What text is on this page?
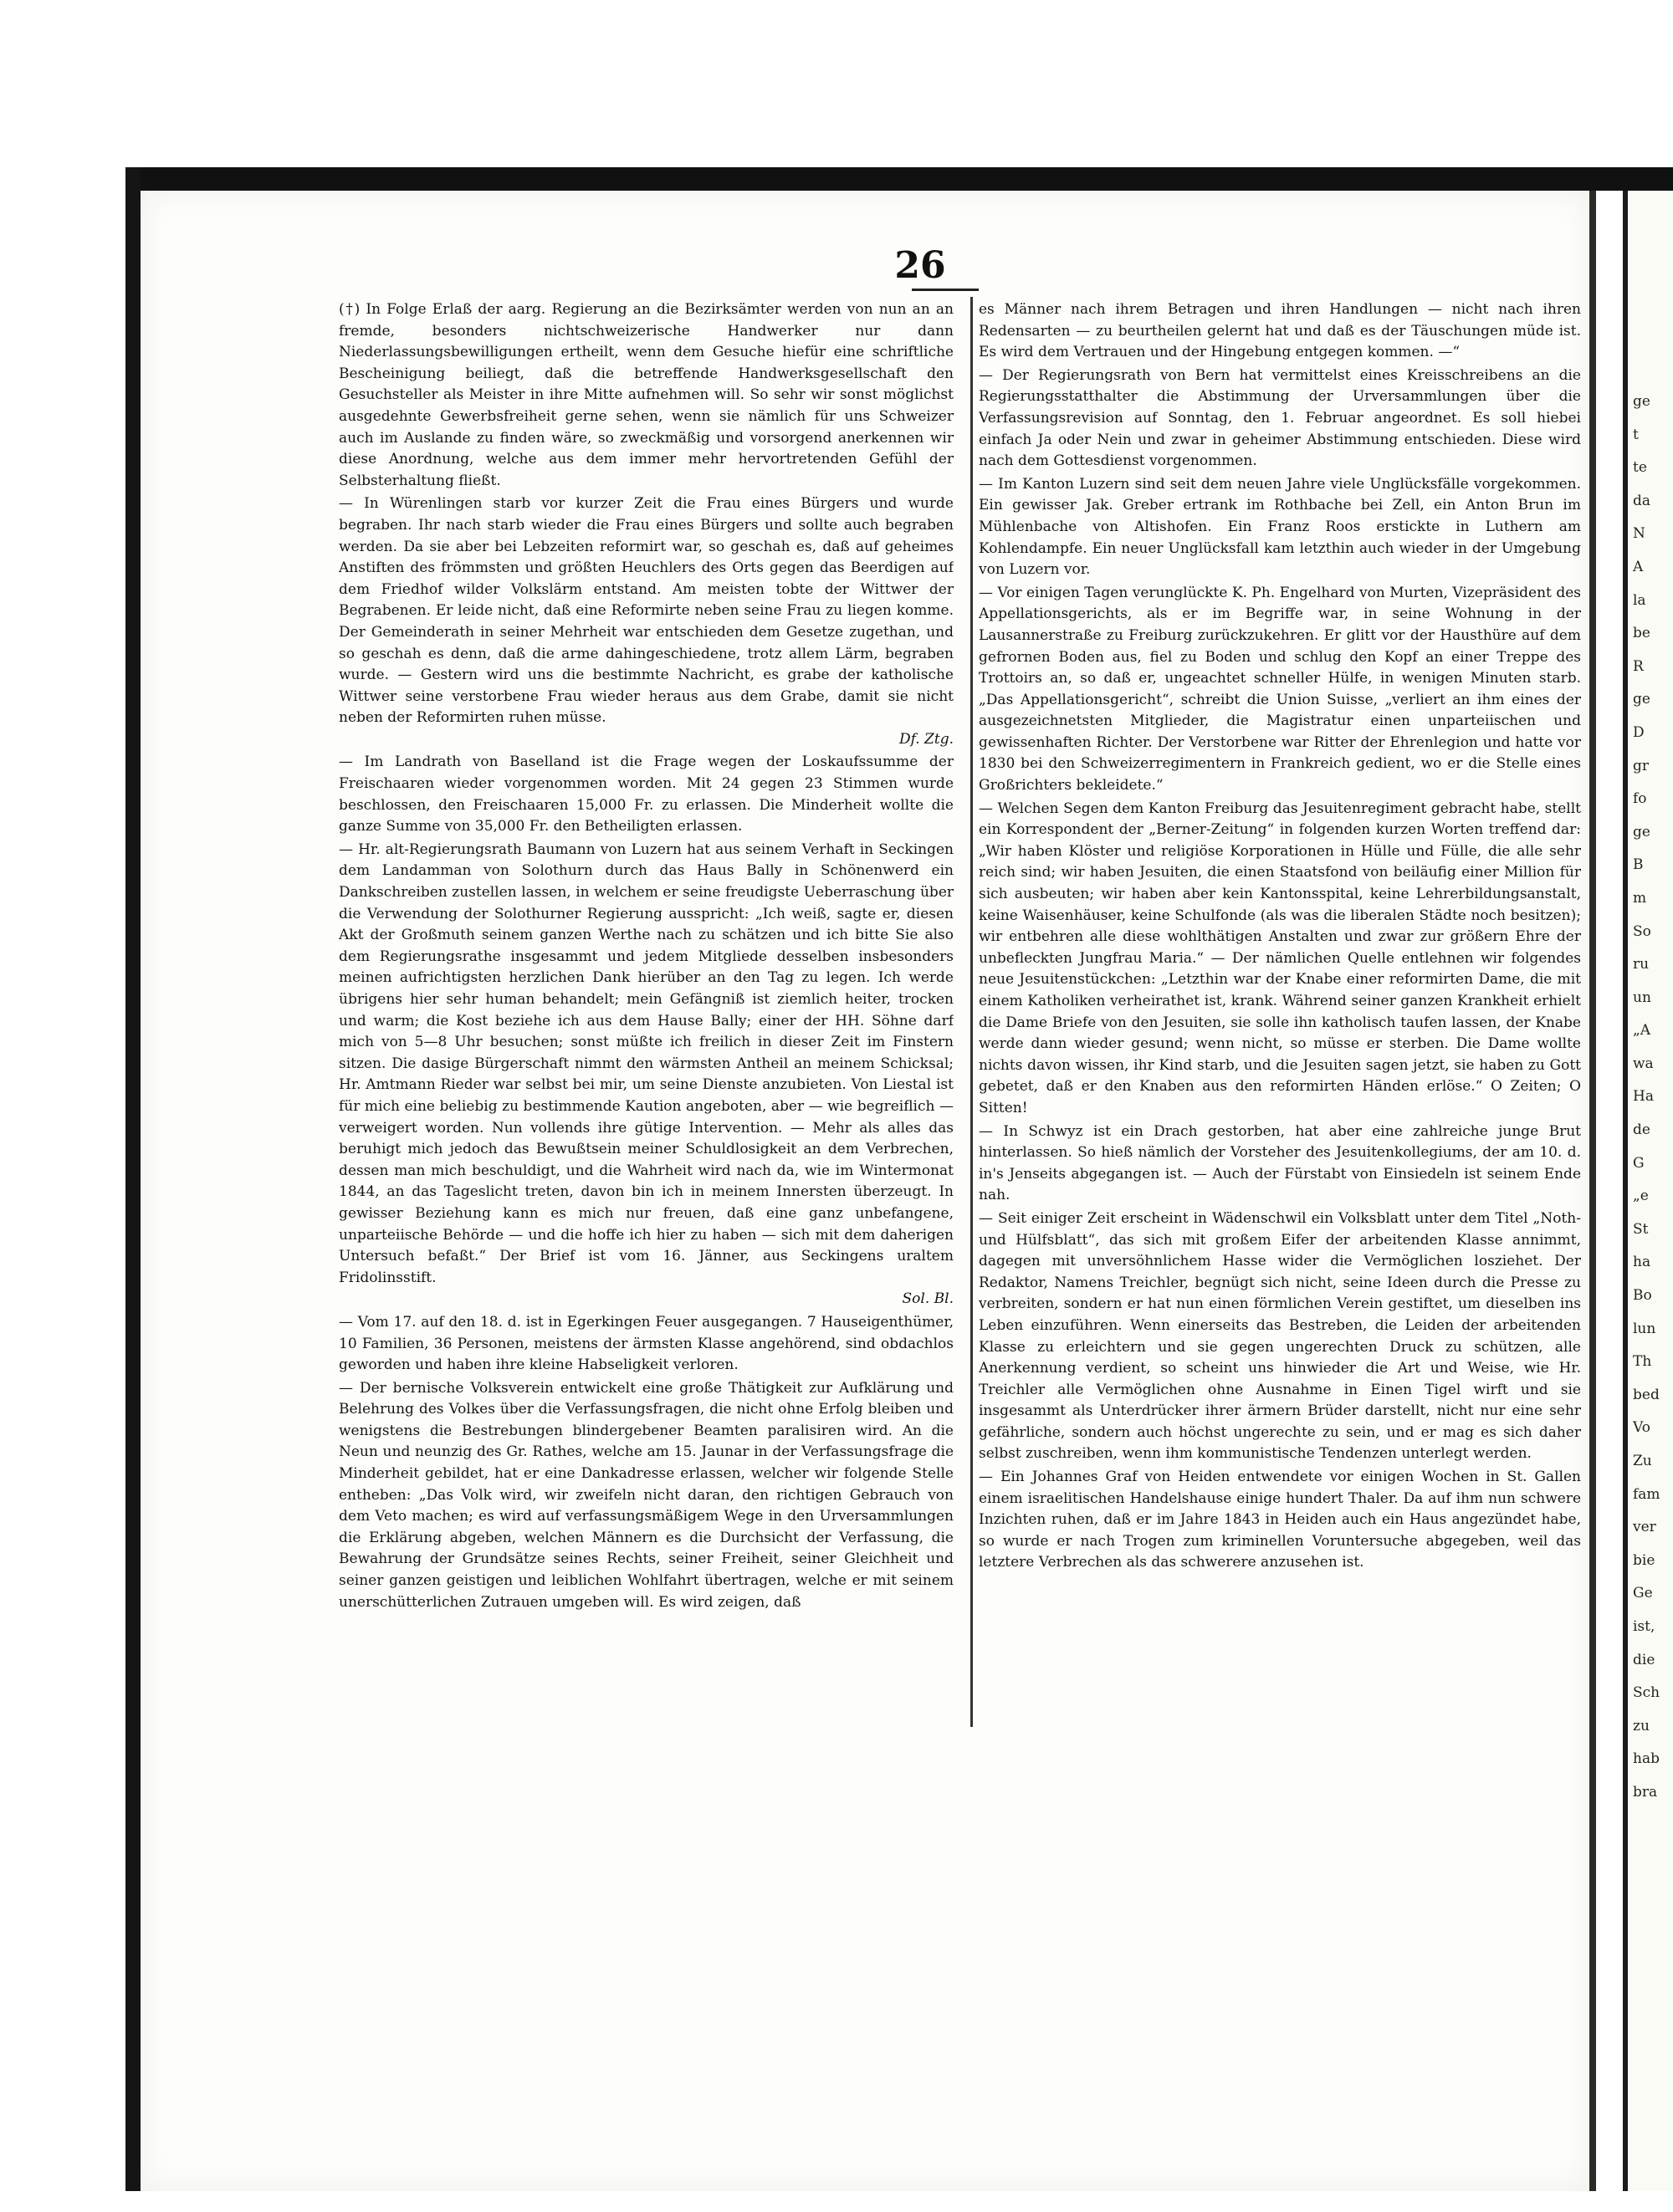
26

(†) In Folge Erlaß der aarg. Regierung an die Bezirksämter werden von nun an an fremde, besonders nichtschweizerische Handwerker nur dann Niederlassungsbewilligungen ertheilt, wenn dem Gesuche hiefür eine schriftliche Bescheinigung beiliegt, daß die betreffende Handwerksgesellschaft den Gesuchsteller als Meister in ihre Mitte aufnehmen will. So sehr wir sonst möglichst ausgedehnte Gewerbsfreiheit gerne sehen, wenn sie nämlich für uns Schweizer auch im Auslande zu finden wäre, so zweckmäßig und vorsorgend anerkennen wir diese Anordnung, welche aus dem immer mehr hervortretenden Gefühl der Selbsterhaltung fließt.

— In Würenlingen starb vor kurzer Zeit die Frau eines Bürgers und wurde begraben. Ihr nach starb wieder die Frau eines Bürgers und sollte auch begraben werden. Da sie aber bei Lebzeiten reformirt war, so geschah es, daß auf geheimes Anstiften des frömmsten und größten Heuchlers des Orts gegen das Beerdigen auf dem Friedhof wilder Volkslärm entstand. Am meisten tobte der Wittwer der Begrabenen. Er leide nicht, daß eine Reformirte neben seine Frau zu liegen komme. Der Gemeinderath in seiner Mehrheit war entschieden dem Gesetze zugethan, und so geschah es denn, daß die arme dahingeschiedene, trotz allem Lärm, begraben wurde. — Gestern wird uns die bestimmte Nachricht, es grabe der katholische Wittwer seine verstorbene Frau wieder heraus aus dem Grabe, damit sie nicht neben der Reformirten ruhen müsse.
Df. Ztg.

— Im Landrath von Baselland ist die Frage wegen der Loskaufssumme der Freischaaren wieder vorgenommen worden. Mit 24 gegen 23 Stimmen wurde beschlossen, den Freischaaren 15,000 Fr. zu erlassen. Die Minderheit wollte die ganze Summe von 35,000 Fr. den Betheiligten erlassen.

— Hr. alt-Regierungsrath Baumann von Luzern hat aus seinem Verhaft in Seckingen dem Landamman von Solothurn durch das Haus Bally in Schönenwerd ein Dankschreiben zustellen lassen, in welchem er seine freudigste Ueberraschung über die Verwendung der Solothurner Regierung ausspricht: „Ich weiß, sagte er, diesen Akt der Großmuth seinem ganzen Werthe nach zu schätzen und ich bitte Sie also dem Regierungsrathe insgesammt und jedem Mitgliede desselben insbesonders meinen aufrichtigsten herzlichen Dank hierüber an den Tag zu legen. Ich werde übrigens hier sehr human behandelt; mein Gefängniß ist ziemlich heiter, trocken und warm; die Kost beziehe ich aus dem Hause Bally; einer der HH. Söhne darf mich von 5—8 Uhr besuchen; sonst müßte ich freilich in dieser Zeit im Finstern sitzen. Die dasige Bürgerschaft nimmt den wärmsten Antheil an meinem Schicksal; Hr. Amtmann Rieder war selbst bei mir, um seine Dienste anzubieten. Von Liestal ist für mich eine beliebig zu bestimmende Kaution angeboten, aber — wie begreiflich — verweigert worden. Nun vollends ihre gütige Intervention. — Mehr als alles das beruhigt mich jedoch das Bewußtsein meiner Schuldlosigkeit an dem Verbrechen, dessen man mich beschuldigt, und die Wahrheit wird nach da, wie im Wintermonat 1844, an das Tageslicht treten, davon bin ich in meinem Innersten überzeugt. In gewisser Beziehung kann es mich nur freuen, daß eine ganz unbefangene, unparteiische Behörde — und die hoffe ich hier zu haben — sich mit dem daherigen Untersuch befaßt.“ Der Brief ist vom 16. Jänner, aus Seckingens uraltem Fridolinsstift.
Sol. Bl.

— Vom 17. auf den 18. d. ist in Egerkingen Feuer ausgegangen. 7 Hauseigenthümer, 10 Familien, 36 Personen, meistens der ärmsten Klasse angehörend, sind obdachlos geworden und haben ihre kleine Habseligkeit verloren.

— Der bernische Volksverein entwickelt eine große Thätigkeit zur Aufklärung und Belehrung des Volkes über die Verfassungsfragen, die nicht ohne Erfolg bleiben und wenigstens die Bestrebungen blindergebener Beamten paralisiren wird. An die Neun und neunzig des Gr. Rathes, welche am 15. Jaunar in der Verfassungsfrage die Minderheit gebildet, hat er eine Dankadresse erlassen, welcher wir folgende Stelle entheben: „Das Volk wird, wir zweifeln nicht daran, den richtigen Gebrauch von dem Veto machen; es wird auf verfassungsmäßigem Wege in den Urversammlungen die Erklärung abgeben, welchen Männern es die Durchsicht der Verfassung, die Bewahrung der Grundsätze seines Rechts, seiner Freiheit, seiner Gleichheit und seiner ganzen geistigen und leiblichen Wohlfahrt übertragen, welche er mit seinem unerschütterlichen Zutrauen umgeben will. Es wird zeigen, daß

es Männer nach ihrem Betragen und ihren Handlungen — nicht nach ihren Redensarten — zu beurtheilen gelernt hat und daß es der Täuschungen müde ist. Es wird dem Vertrauen und der Hingebung entgegen kommen. —“

— Der Regierungsrath von Bern hat vermittelst eines Kreisschreibens an die Regierungsstatthalter die Abstimmung der Urversammlungen über die Verfassungsrevision auf Sonntag, den 1. Februar angeordnet. Es soll hiebei einfach Ja oder Nein und zwar in geheimer Abstimmung entschieden. Diese wird nach dem Gottesdienst vorgenommen.

— Im Kanton Luzern sind seit dem neuen Jahre viele Unglücksfälle vorgekommen. Ein gewisser Jak. Greber ertrank im Rothbache bei Zell, ein Anton Brun im Mühlenbache von Altishofen. Ein Franz Roos erstickte in Luthern am Kohlendampfe. Ein neuer Unglücksfall kam letzthin auch wieder in der Umgebung von Luzern vor.

— Vor einigen Tagen verunglückte K. Ph. Engelhard von Murten, Vizepräsident des Appellationsgerichts, als er im Begriffe war, in seine Wohnung in der Lausannerstraße zu Freiburg zurückzukehren. Er glitt vor der Hausthüre auf dem gefrornen Boden aus, fiel zu Boden und schlug den Kopf an einer Treppe des Trottoirs an, so daß er, ungeachtet schneller Hülfe, in wenigen Minuten starb. „Das Appellationsgericht“, schreibt die Union Suisse, „verliert an ihm eines der ausgezeichnetsten Mitglieder, die Magistratur einen unparteiischen und gewissenhaften Richter. Der Verstorbene war Ritter der Ehrenlegion und hatte vor 1830 bei den Schweizerregimentern in Frankreich gedient, wo er die Stelle eines Großrichters bekleidete.“

— Welchen Segen dem Kanton Freiburg das Jesuitenregiment gebracht habe, stellt ein Korrespondent der „Berner-Zeitung“ in folgenden kurzen Worten treffend dar: „Wir haben Klöster und religiöse Korporationen in Hülle und Fülle, die alle sehr reich sind; wir haben Jesuiten, die einen Staatsfond von beiläufig einer Million für sich ausbeuten; wir haben aber kein Kantonsspital, keine Lehrerbildungsanstalt, keine Waisenhäuser, keine Schulfonde (als was die liberalen Städte noch besitzen); wir entbehren alle diese wohlthätigen Anstalten und zwar zur größern Ehre der unbefleckten Jungfrau Maria.“ — Der nämlichen Quelle entlehnen wir folgendes neue Jesuitenstückchen: „Letzthin war der Knabe einer reformirten Dame, die mit einem Katholiken verheirathet ist, krank. Während seiner ganzen Krankheit erhielt die Dame Briefe von den Jesuiten, sie solle ihn katholisch taufen lassen, der Knabe werde dann wieder gesund; wenn nicht, so müsse er sterben. Die Dame wollte nichts davon wissen, ihr Kind starb, und die Jesuiten sagen jetzt, sie haben zu Gott gebetet, daß er den Knaben aus den reformirten Händen erlöse.“ O Zeiten; O Sitten!

— In Schwyz ist ein Drach gestorben, hat aber eine zahlreiche junge Brut hinterlassen. So hieß nämlich der Vorsteher des Jesuitenkollegiums, der am 10. d. in's Jenseits abgegangen ist. — Auch der Fürstabt von Einsiedeln ist seinem Ende nah.

— Seit einiger Zeit erscheint in Wädenschwil ein Volksblatt unter dem Titel „Noth- und Hülfsblatt“, das sich mit großem Eifer der arbeitenden Klasse annimmt, dagegen mit unversöhnlichem Hasse wider die Vermöglichen losziehet. Der Redaktor, Namens Treichler, begnügt sich nicht, seine Ideen durch die Presse zu verbreiten, sondern er hat nun einen förmlichen Verein gestiftet, um dieselben ins Leben einzuführen. Wenn einerseits das Bestreben, die Leiden der arbeitenden Klasse zu erleichtern und sie gegen ungerechten Druck zu schützen, alle Anerkennung verdient, so scheint uns hinwieder die Art und Weise, wie Hr. Treichler alle Vermöglichen ohne Ausnahme in Einen Tigel wirft und sie insgesammt als Unterdrücker ihrer ärmern Brüder darstellt, nicht nur eine sehr gefährliche, sondern auch höchst ungerechte zu sein, und er mag es sich daher selbst zuschreiben, wenn ihm kommunistische Tendenzen unterlegt werden.

— Ein Johannes Graf von Heiden entwendete vor einigen Wochen in St. Gallen einem israelitischen Handelshause einige hundert Thaler. Da auf ihm nun schwere Inzichten ruhen, daß er im Jahre 1843 in Heiden auch ein Haus angezündet habe, so wurde er nach Trogen zum kriminellen Voruntersuche abgegeben, weil das letztere Verbrechen als das schwerere anzusehen ist.

ge
t
te
da
N
A
la
be
R
ge
D
gr
fo
ge
B
m
So
ru
un
„A
wa
Ha
de
G
„e
St
ha
Bo
lun
Th
bed
Vo
Zu
fam
ver
bie
Ge
ist,
die
Sch
zu
hab
bra
